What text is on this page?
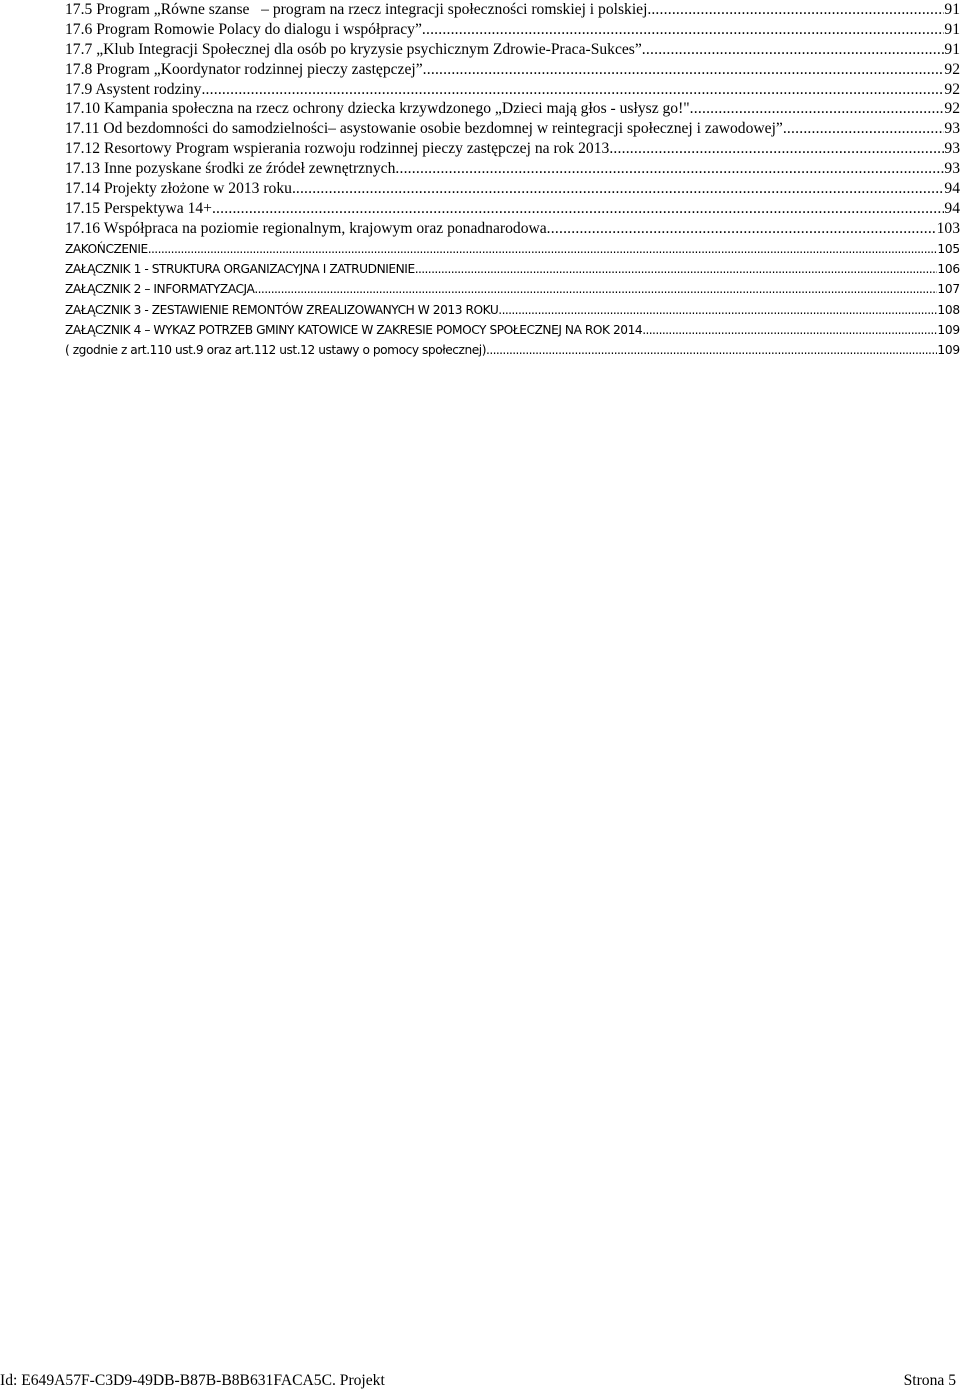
17.5 Program „Równe szanse  – program na rzecz integracji społeczności romskiej i polskiej. .....	91
17.6 Program Romowie Polacy do dialogu i współpracy” .....	91
17.7 „Klub Integracji Społecznej dla osób po kryzysie psychicznym Zdrowie-Praca-Sukces” .....	91
17.8 Program „Koordynator rodzinnej pieczy zastępczej” .....	92
17.9 Asystent rodziny .....	92
17.10 Kampania społeczna na rzecz ochrony dziecka krzywdzonego „Dzieci mają głos - usłysz go!" .....	92
17.11 Od bezdomności do samodzielności– asystowanie osobie bezdomnej w reintegracji społecznej i zawodowej” .....	93
17.12 Resortowy Program wspierania rozwoju rodzinnej pieczy zastępczej na rok 2013 .....	93
17.13 Inne pozyskane środki ze źródeł zewnętrznych .....	93
17.14 Projekty złożone w 2013 roku. .....	94
17.15 Perspektywa 14+ .....	94
17.16 Współpraca na poziomie regionalnym, krajowym oraz ponadnarodowa .....	103
ZAKOŃCZENIE .....	105
ZAŁĄCZNIK 1 - STRUKTURA ORGANIZACYJNA I ZATRUDNIENIE .....	106
ZAŁĄCZNIK 2 – INFORMATYZACJA .....	107
ZAŁĄCZNIK 3 - ZESTAWIENIE REMONTÓW ZREALIZOWANYCH W 2013 ROKU .....	108
ZAŁĄCZNIK 4 – WYKAZ POTRZEB GMINY KATOWICE W ZAKRESIE POMOCY SPOŁECZNEJ NA ROK 2014 .....	109
( zgodnie z art.110 ust.9 oraz art.112 ust.12 ustawy o pomocy społecznej) .....	109
Id: E649A57F-C3D9-49DB-B87B-B8B631FACA5C. Projekt	Strona 5
